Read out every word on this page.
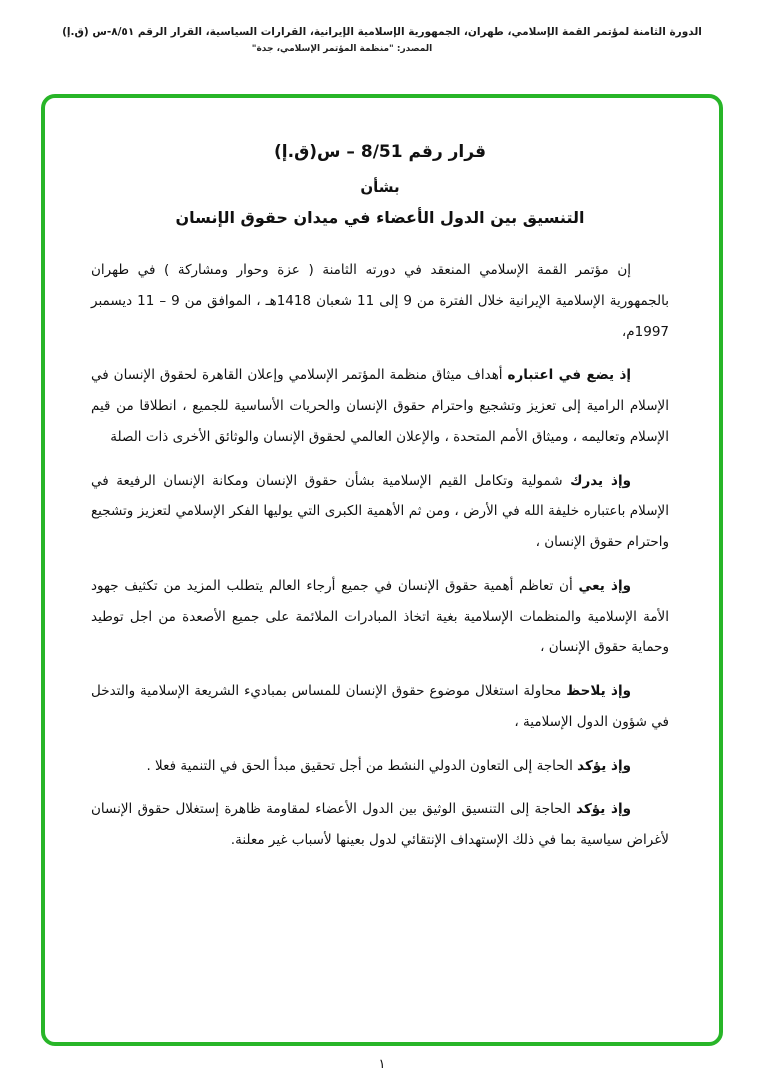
الدورة الثامنة لمؤتمر القمة الإسلامي، طهران، الجمهورية الإسلامية الإيرانية، القرارات السياسية، القرار الرقم ٨/٥١-س (ق.إ)
المصدر: "منظمة المؤتمر الإسلامي، جدة"
قرار رقم 8/51 – س(ق.إ)
بشأن
التنسيق بين الدول الأعضاء في ميدان حقوق الإنسان

إن مؤتمر القمة الإسلامي المنعقد في دورته الثامنة ( عزة وحوار ومشاركة ) في طهران بالجمهورية الإسلامية الإيرانية خلال الفترة من 9 إلى 11 شعبان 1418هـ ، الموافق من 9 – 11 ديسمبر 1997م،

إذ يضع في اعتباره أهداف ميثاق منظمة المؤتمر الإسلامي وإعلان القاهرة لحقوق الإنسان في الإسلام الرامية إلى تعزيز وتشجيع واحترام حقوق الإنسان والحريات الأساسية للجميع ، انطلاقا من قيم الإسلام وتعاليمه ، وميثاق الأمم المتحدة ، والإعلان العالمي لحقوق الإنسان والوثائق الأخرى ذات الصلة

وإذ يدرك شمولية وتكامل القيم الإسلامية بشأن حقوق الإنسان ومكانة الإنسان الرفيعة في الإسلام باعتباره خليفة الله في الأرض ، ومن ثم الأهمية الكبرى التي يوليها الفكر الإسلامي لتعزيز وتشجيع واحترام حقوق الإنسان ،

وإذ يعي أن تعاظم أهمية حقوق الإنسان في جميع أرجاء العالم يتطلب المزيد من تكثيف جهود الأمة الإسلامية والمنظمات الإسلامية بغية اتخاذ المبادرات الملائمة على جميع الأصعدة من اجل توطيد وحماية حقوق الإنسان ،

وإذ يلاحظ محاولة استغلال موضوع حقوق الإنسان للمساس بمباديء الشريعة الإسلامية والتدخل في شؤون الدول الإسلامية ،

وإذ يؤكد الحاجة إلى التعاون الدولي النشط من أجل تحقيق مبدأ الحق في التنمية فعلا .

وإذ يؤكد الحاجة إلى التنسيق الوثيق بين الدول الأعضاء لمقاومة ظاهرة إستغلال حقوق الإنسان لأغراض سياسية بما في ذلك الإستهداف الإنتقائي لدول بعينها لأسباب غير معلنة.

١
